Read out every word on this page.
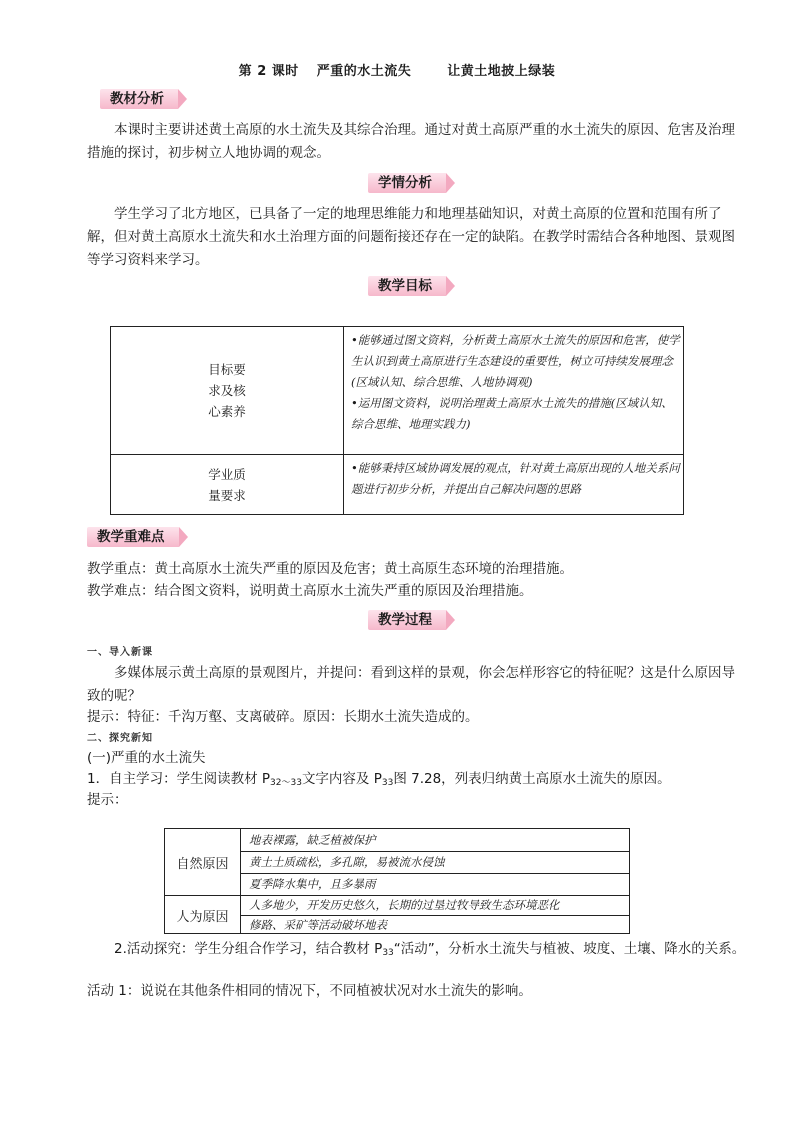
第 2 课时 严重的水土流失	让黄土地披上绿装
教材分析
本课时主要讲述黄土高原的水土流失及其综合治理。通过对黄土高原严重的水土流失的原因、危害及治理措施的探讨，初步树立人地协调的观念。
学情分析
学生学习了北方地区，已具备了一定的地理思维能力和地理基础知识，对黄土高原的位置和范围有所了解，但对黄土高原水土流失和水土治理方面的问题衔接还存在一定的缺陷。在教学时需结合各种地图、景观图等学习资料来学习。
教学目标
目标要
求及核
心素养

•能够通过图文资料，分析黄土高原水土流失的原因和危害，使学生认识到黄土高原进行生态建设的重要性，树立可持续发展理念(区域认知、综合思维、人地协调观)

•运用图文资料，说明治理黄土高原水土流失的措施(区域认知、综合思维、地理实践力)

学业质
量要求

•能够秉持区域协调发展的观点，针对黄土高原出现的人地关系问题进行初步分析，并提出自己解决问题的思路

教学重难点
教学重点：黄土高原水土流失严重的原因及危害；黄土高原生态环境的治理措施。
教学难点：结合图文资料，说明黄土高原水土流失严重的原因及治理措施。
教学过程
一、导入新课
多媒体展示黄土高原的景观图片，并提问：看到这样的景观，你会怎样形容它的特征呢？这是什么原因导致的呢？
提示：特征：千沟万壑、支离破碎。原因：长期水土流失造成的。
二、探究新知
(一)严重的水土流失
1．自主学习：学生阅读教材 $P_{32\sim 33}$文字内容及 $P_{33}$图 7.28，列表归纳黄土高原水土流失的原因。
提示：
自然原因
地表裸露，缺乏植被保护
黄土土质疏松，多孔隙，易被流水侵蚀
夏季降水集中，且多暴雨
人为原因
人多地少，开发历史悠久，长期的过垦过牧导致生态环境恶化
修路、采矿等活动破坏地表
2.活动探究：学生分组合作学习，结合教材 $P_{33}“$活动”，分析水土流失与植被、坡度、土壤、降水的关系。
活动 1：说说在其他条件相同的情况下，不同植被状况对水土流失的影响。
